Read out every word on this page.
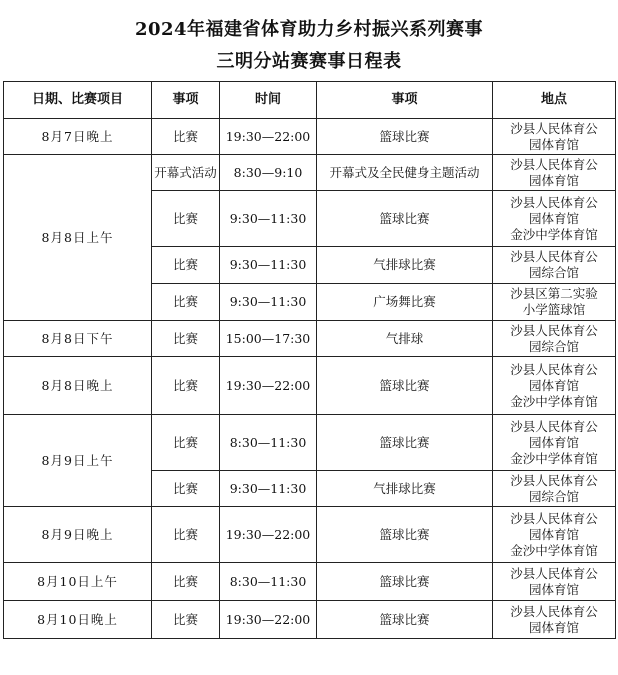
2024年福建省体育助力乡村振兴系列赛事
三明分站赛赛事日程表
日期、比赛项目	事项	时间	事项	地点
8月7日晚上	比赛	19:30—22:00	篮球比赛	沙县人民体育公
园体育馆

8月8日上午	开幕式活动	8:30—9:10	开幕式及全民健身主题活动	沙县人民体育公
园体育馆

	比赛	9:30—11:30	篮球比赛	沙县人民体育公
园体育馆
金沙中学体育馆

	比赛	9:30—11:30	气排球比赛	沙县人民体育公
园综合馆

	比赛	9:30—11:30	广场舞比赛	沙县区第二实验
小学篮球馆

8月8日下午	比赛	15:00—17:30	气排球	沙县人民体育公
园综合馆

8月8日晚上	比赛	19:30—22:00	篮球比赛	沙县人民体育公
园体育馆
金沙中学体育馆

8月9日上午	比赛	8:30—11:30	篮球比赛	沙县人民体育公
园体育馆
金沙中学体育馆

	比赛	9:30—11:30	气排球比赛	沙县人民体育公
园综合馆

8月9日晚上	比赛	19:30—22:00	篮球比赛	沙县人民体育公
园体育馆
金沙中学体育馆

8月10日上午	比赛	8:30—11:30	篮球比赛	沙县人民体育公
园体育馆

8月10日晚上	比赛	19:30—22:00	篮球比赛	沙县人民体育公
园体育馆
